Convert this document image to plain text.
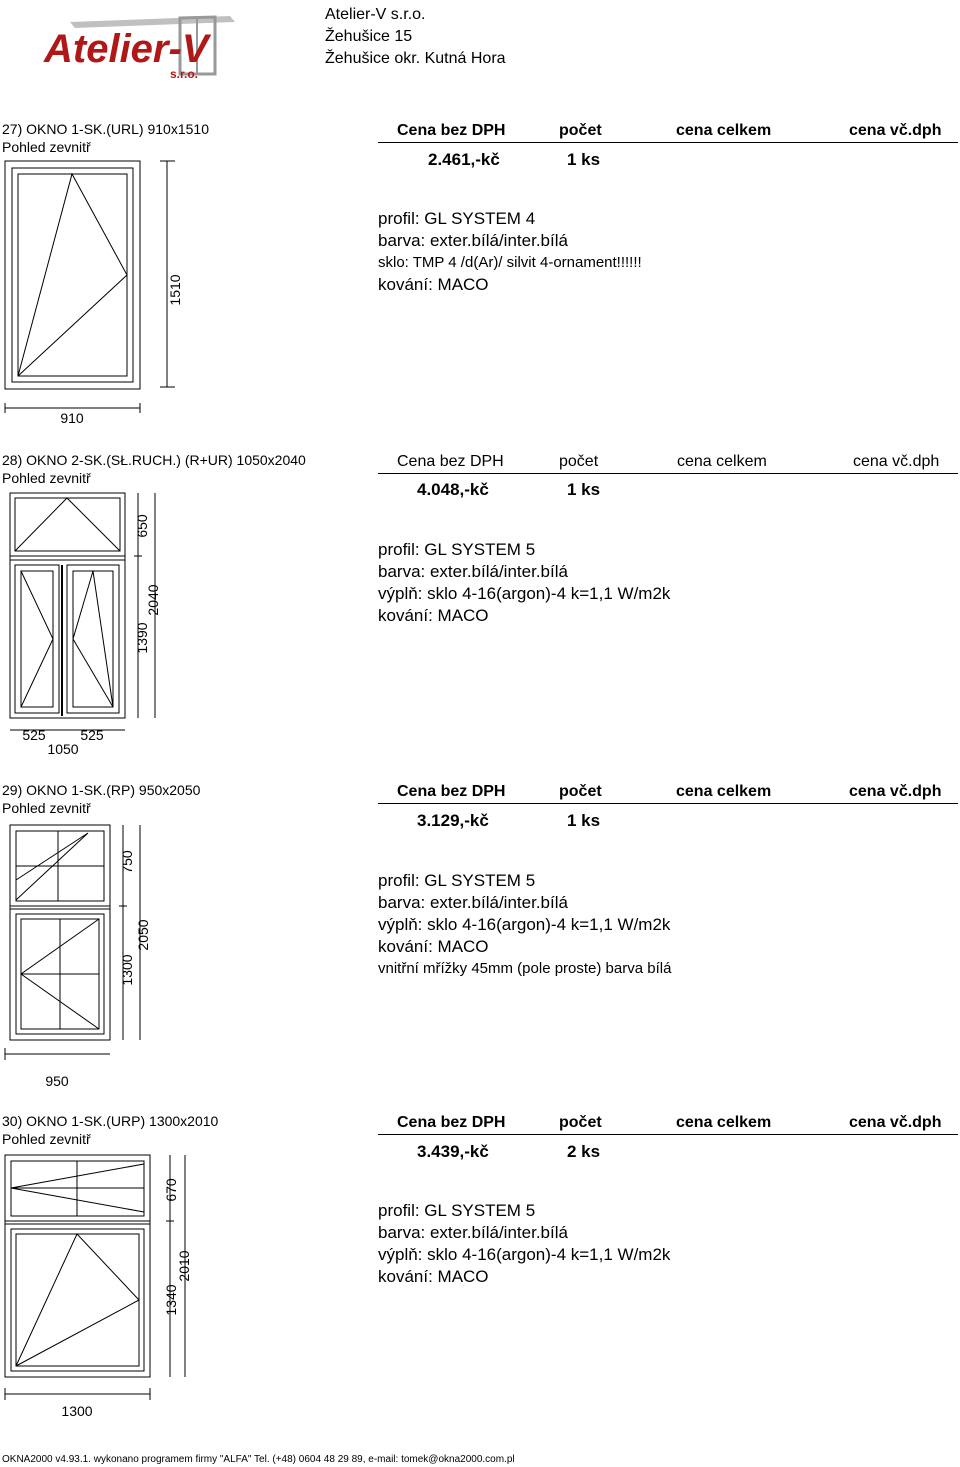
Atelier-V s.r.o.
Žehušice 15
Žehušice okr. Kutná Hora
Atelier-V
s.r.o.
27) OKNO 1-SK.(URL) 910x1510
Pohled zevnitř
Cena bez DPH	počet	cena celkem	cena vč.dph
2.461,-kč	1 ks
profil: GL SYSTEM 4
barva: exter.bílá/inter.bílá
sklo: TMP 4 /d(Ar)/ silvit 4-ornament!!!!!!
kování: MACO
1510
910
28) OKNO 2-SK.(SŁ.RUCH.) (R+UR) 1050x2040
Pohled zevnitř
Cena bez DPH	počet	cena celkem	cena vč.dph
4.048,-kč	1 ks
profil: GL SYSTEM 5
barva: exter.bílá/inter.bílá
výplň: sklo 4-16(argon)-4 k=1,1 W/m2k
kování: MACO
650
1390
2040
525 525
1050
29) OKNO 1-SK.(RP) 950x2050
Pohled zevnitř
Cena bez DPH	počet	cena celkem	cena vč.dph
3.129,-kč	1 ks
profil: GL SYSTEM 5
barva: exter.bílá/inter.bílá
výplň: sklo 4-16(argon)-4 k=1,1 W/m2k
kování: MACO
vnitřní mřížky 45mm (pole proste) barva bílá
750
1300
2050
950
30) OKNO 1-SK.(URP) 1300x2010
Pohled zevnitř
Cena bez DPH	počet	cena celkem	cena vč.dph
3.439,-kč	2 ks
profil: GL SYSTEM 5
barva: exter.bílá/inter.bílá
výplň: sklo 4-16(argon)-4 k=1,1 W/m2k
kování: MACO
670
1340
2010
1300
OKNA2000 v4.93.1. wykonano programem firmy "ALFA" Tel. (+48) 0604 48 29 89, e-mail: tomek@okna2000.com.pl
